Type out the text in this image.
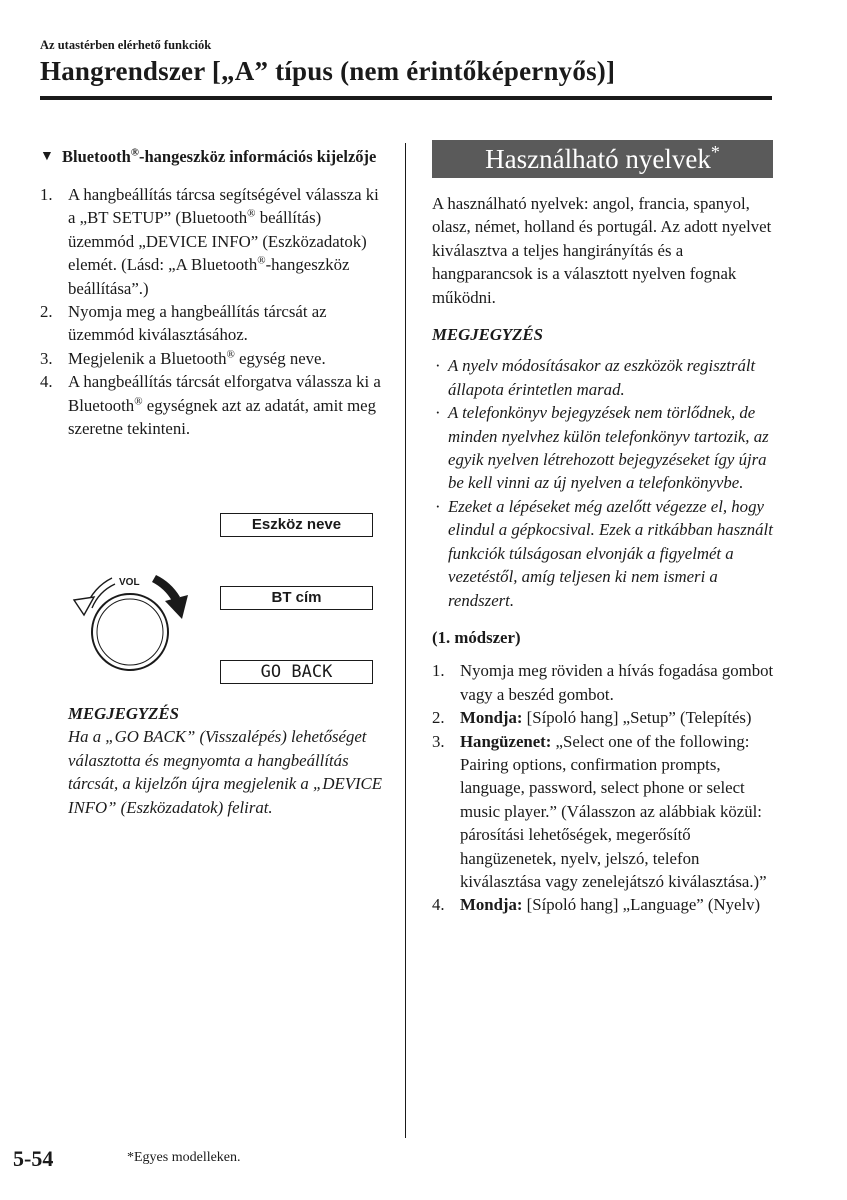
Az utastérben elérhető funkciók
Hangrendszer [„A” típus (nem érintőképernyős)]
▼ Bluetooth®-hangeszköz információs kijelzője
1. A hangbeállítás tárcsa segítségével válassza ki a „BT SETUP” (Bluetooth® beállítás) üzemmód „DEVICE INFO” (Eszközadatok) elemét. (Lásd: „A Bluetooth®-hangeszköz beállítása”.)
2. Nyomja meg a hangbeállítás tárcsát az üzemmód kiválasztásához.
3. Megjelenik a Bluetooth® egység neve.
4. A hangbeállítás tárcsát elforgatva válassza ki a Bluetooth® egységnek azt az adatát, amit meg szeretne tekinteni.
Eszköz neve
BT cím
GO BACK
VOL
MEGJEGYZÉS
Ha a „GO BACK” (Visszalépés) lehetőséget választotta és megnyomta a hangbeállítás tárcsát, a kijelzőn újra megjelenik a „DEVICE INFO” (Eszközadatok) felirat.
Használható nyelvek*

A használható nyelvek: angol, francia, spanyol, olasz, német, holland és portugál. Az adott nyelvet kiválasztva a teljes hangirányítás és a hangparancsok is a választott nyelven fognak működni.

MEGJEGYZÉS
· A nyelv módosításakor az eszközök regisztrált állapota érintetlen marad.
· A telefonkönyv bejegyzések nem törlődnek, de minden nyelvhez külön telefonkönyv tartozik, az egyik nyelven létrehozott bejegyzéseket így újra be kell vinni az új nyelven a telefonkönyvbe.
· Ezeket a lépéseket még azelőtt végezze el, hogy elindul a gépkocsival. Ezek a ritkábban használt funkciók túlságosan elvonják a figyelmét a vezetéstől, amíg teljesen ki nem ismeri a rendszert.
(1. módszer)
1. Nyomja meg röviden a hívás fogadása gombot vagy a beszéd gombot.
2. Mondja: [Sípoló hang] „Setup” (Telepítés)
3. Hangüzenet: „Select one of the following: Pairing options, confirmation prompts, language, password, select phone or select music player.” (Válasszon az alábbiak közül: párosítási lehetőségek, megerősítő hangüzenetek, nyelv, jelszó, telefon kiválasztása vagy zenelejátszó kiválasztása.)”
4. Mondja: [Sípoló hang] „Language” (Nyelv)
5-54	*Egyes modelleken.
